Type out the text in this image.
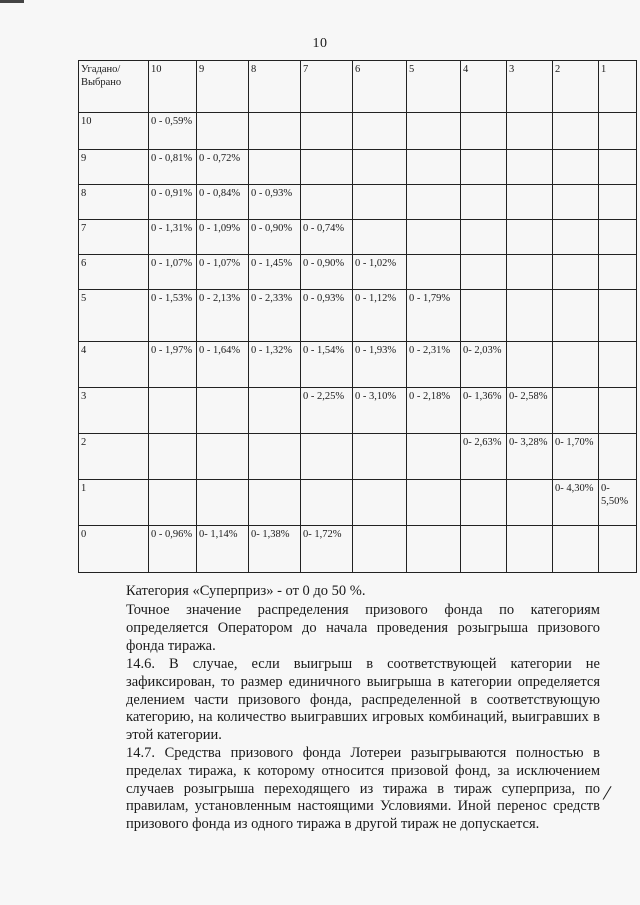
10
Угадано/ Выбрано	10	9	8	7	6	5	4	3	2	1
10	0 - 0,59%									
9	0 - 0,81%	0 - 0,72%								
8	0 - 0,91%	0 - 0,84%	0 - 0,93%							
7	0 - 1,31%	0 - 1,09%	0 - 0,90%	0 - 0,74%						
6	0 - 1,07%	0 - 1,07%	0 - 1,45%	0 - 0,90%	0 - 1,02%					
5	0 - 1,53%	0 - 2,13%	0 - 2,33%	0 - 0,93%	0 - 1,12%	0 - 1,79%				
4	0 - 1,97%	0 - 1,64%	0 - 1,32%	0 - 1,54%	0 - 1,93%	0 - 2,31%	0- 2,03%			
3				0 - 2,25%	0 - 3,10%	0 - 2,18%	0- 1,36%	0- 2,58%		
2							0- 2,63%	0- 3,28%	0- 1,70%	
1									0- 4,30%	0- 5,50%
0	0 - 0,96%	0- 1,14%	0- 1,38%	0- 1,72%						
Категория «Суперприз» - от 0 до 50 %.
Точное значение распределения призового фонда по категориям определяется Оператором до начала проведения розыгрыша призового фонда тиража.
14.6. В случае, если выигрыш в соответствующей категории не зафиксирован, то размер единичного выигрыша в категории определяется делением части призового фонда, распределенной в соответствующую категорию, на количество выигравших игровых комбинаций, выигравших в этой категории.
14.7. Средства призового фонда Лотереи разыгрываются полностью в пределах тиража, к которому относится призовой фонд, за исключением случаев розыгрыша переходящего из тиража в тираж суперприза, по правилам, установленным настоящими Условиями. Иной перенос средств призового фонда из одного тиража в другой тираж не допускается.
/
